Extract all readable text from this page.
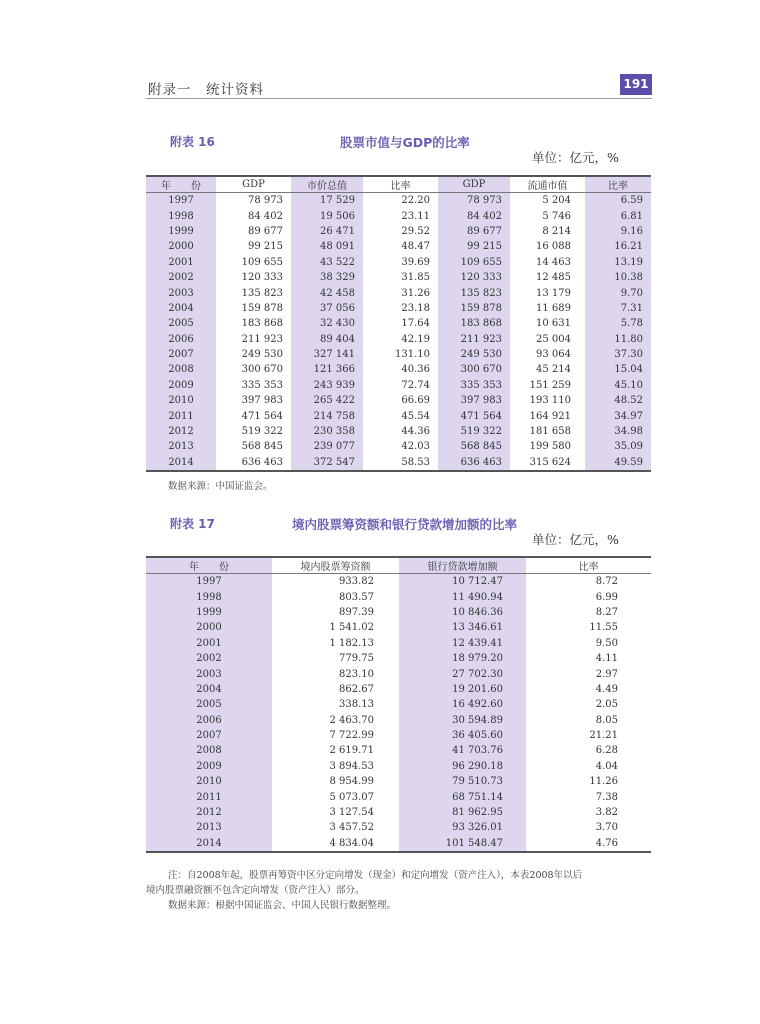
附录一　统计资料	191
附表 16	股票市值与GDP的比率
单位：亿元，%
年　　份	GDP	市价总值	比率	GDP	流通市值	比率
1997	78 973	17 529	22.20	78 973	5 204	6.59
1998	84 402	19 506	23.11	84 402	5 746	6.81
1999	89 677	26 471	29.52	89 677	8 214	9.16
2000	99 215	48 091	48.47	99 215	16 088	16.21
2001	109 655	43 522	39.69	109 655	14 463	13.19
2002	120 333	38 329	31.85	120 333	12 485	10.38
2003	135 823	42 458	31.26	135 823	13 179	9.70
2004	159 878	37 056	23.18	159 878	11 689	7.31
2005	183 868	32 430	17.64	183 868	10 631	5.78
2006	211 923	89 404	42.19	211 923	25 004	11.80
2007	249 530	327 141	131.10	249 530	93 064	37.30
2008	300 670	121 366	40.36	300 670	45 214	15.04
2009	335 353	243 939	72.74	335 353	151 259	45.10
2010	397 983	265 422	66.69	397 983	193 110	48.52
2011	471 564	214 758	45.54	471 564	164 921	34.97
2012	519 322	230 358	44.36	519 322	181 658	34.98
2013	568 845	239 077	42.03	568 845	199 580	35.09
2014	636 463	372 547	58.53	636 463	315 624	49.59
数据来源：中国证监会。
附表 17	境内股票筹资额和银行贷款增加额的比率
单位：亿元，%
年　　份	境内股票筹资额	银行贷款增加额	比率
1997	933.82	10 712.47	8.72
1998	803.57	11 490.94	6.99
1999	897.39	10 846.36	8.27
2000	1 541.02	13 346.61	11.55
2001	1 182.13	12 439.41	9.50
2002	779.75	18 979.20	4.11
2003	823.10	27 702.30	2.97
2004	862.67	19 201.60	4.49
2005	338.13	16 492.60	2.05
2006	2 463.70	30 594.89	8.05
2007	7 722.99	36 405.60	21.21
2008	2 619.71	41 703.76	6.28
2009	3 894.53	96 290.18	4.04
2010	8 954.99	79 510.73	11.26
2011	5 073.07	68 751.14	7.38
2012	3 127.54	81 962.95	3.82
2013	3 457.52	93 326.01	3.70
2014	4 834.04	101 548.47	4.76
注：自2008年起，股票再筹资中区分定向增发（现金）和定向增发（资产注入），本表2008年以后
境内股票融资额不包含定向增发（资产注入）部分。
数据来源：根据中国证监会、中国人民银行数据整理。
